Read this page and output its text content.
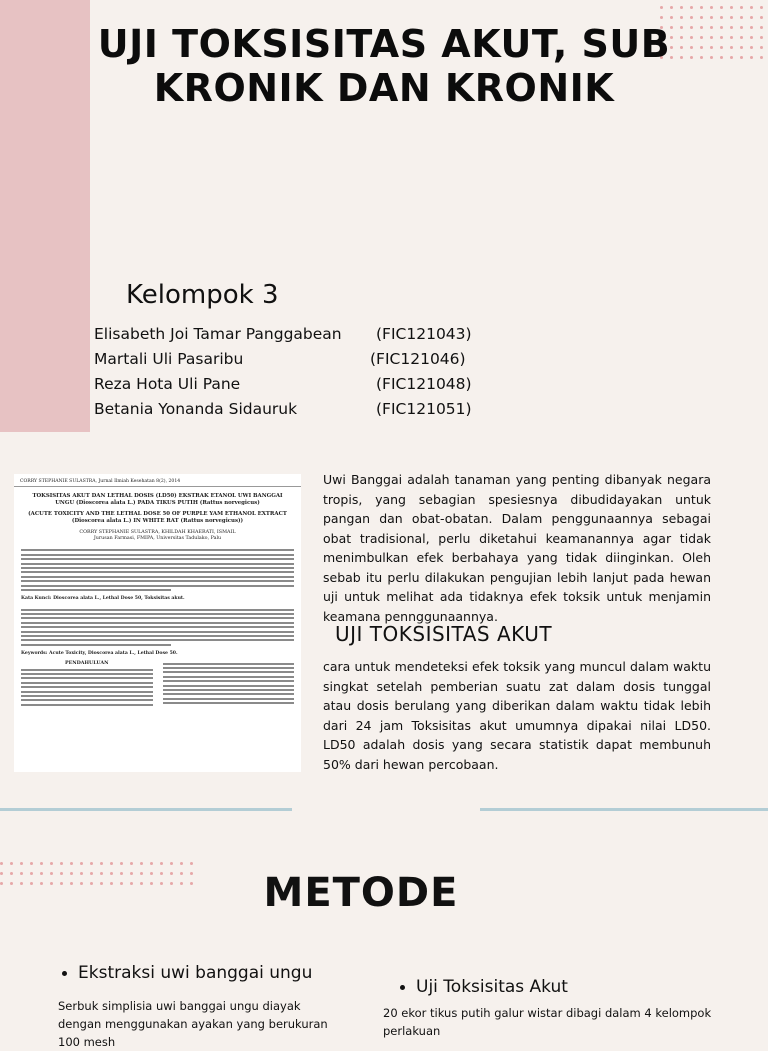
UJI TOKSISITAS AKUT, SUB
KRONIK DAN KRONIK
Kelompok 3
Elisabeth Joi Tamar Panggabean (FIC121043)
Martali Uli Pasaribu	(FIC121046)
Reza Hota Uli Pane	(FIC121048)
Betania Yonanda Sidauruk	(FIC121051)
CORRY STEPHANIE SULASTRA, Jurnal Ilmiah Kesehatan 8(2), 2014
TOKSISITAS AKUT DAN LETHAL DOSIS (LD50) EKSTRAK ETANOL UWI BANGGAI UNGU (Dioscorea alata L.) PADA TIKUS PUTIH (Rattus norvegicus)
(ACUTE TOXICITY AND THE LETHAL DOSE 50 OF PURPLE YAM ETHANOL EXTRACT (Dioscorea alata L.) IN WHITE RAT (Rattus norvegicus))
CORRY STEPHANIE SULASTRA, KHILDAH KHAERATI, ISMAIL
Jurusan Farmasi, FMIPA, Universitas Tadulako, Palu
Kata Kunci: Dioscorea alata L., Lethal Dose 50, Toksisitas akut.
Keywords: Acute Toxicity, Dioscorea alata L., Lethal Dose 50.
PENDAHULUAN

Uwi Banggai adalah tanaman yang penting dibanyak negara tropis, yang sebagian spesiesnya dibudidayakan untuk pangan dan obat-obatan. Dalam penggunaannya sebagai obat tradisional, perlu diketahui keamanannya agar tidak menimbulkan efek berbahaya yang tidak diinginkan. Oleh sebab itu perlu dilakukan pengujian lebih lanjut pada hewan uji untuk melihat ada tidaknya efek toksik untuk menjamin keamana pennggunaannya.

UJI TOKSISITAS AKUT

cara untuk mendeteksi efek toksik yang muncul dalam waktu singkat setelah pemberian suatu zat dalam dosis tunggal atau dosis berulang yang diberikan dalam waktu tidak lebih dari 24 jam Toksisitas akut umumnya dipakai nilai LD50. LD50 adalah dosis yang secara statistik dapat membunuh 50% dari hewan percobaan.

METODE
Ekstraksi uwi banggai ungu

Serbuk simplisia uwi banggai ungu diayak dengan menggunakan ayakan yang berukuran 100 mesh

Uji Toksisitas Akut

20 ekor tikus putih galur wistar dibagi dalam 4 kelompok perlakuan
